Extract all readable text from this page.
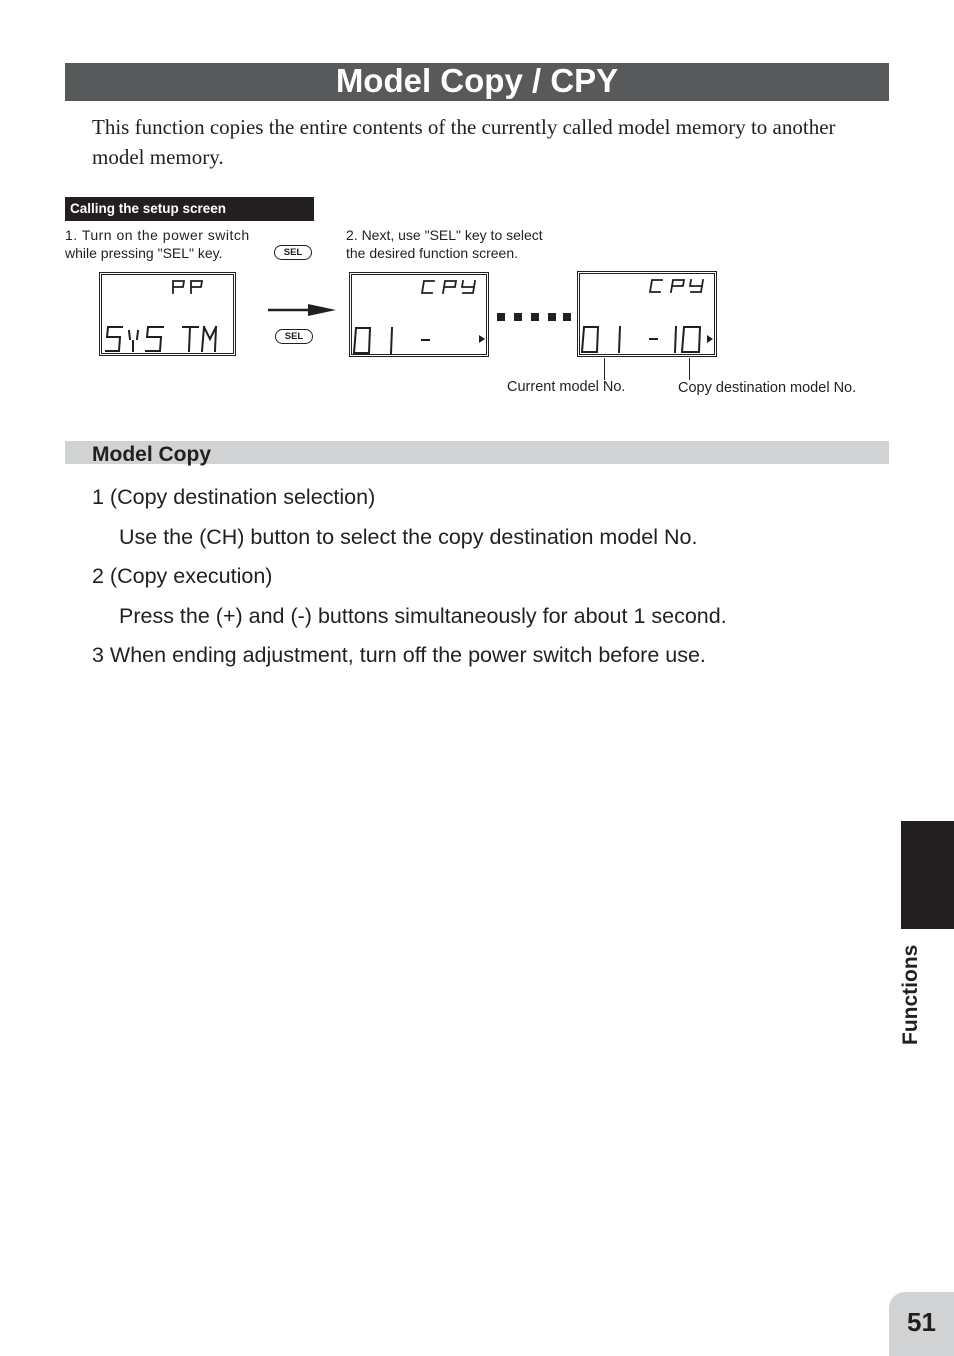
Model Copy / CPY
This function copies the entire contents of the currently called model memory to another model memory.
Calling the setup screen
1. Turn on the power switch
while pressing "SEL" key.	SEL
2. Next, use "SEL" key to select
the desired function screen.
SEL
Current model No.	Copy destination model No.
Model Copy
1 (Copy destination selection)
Use the (CH) button to select the copy destination model No.
2 (Copy execution)
Press the (+) and (-) buttons simultaneously for about 1 second.
3 When ending adjustment, turn off the power switch before use.
Functions
51
